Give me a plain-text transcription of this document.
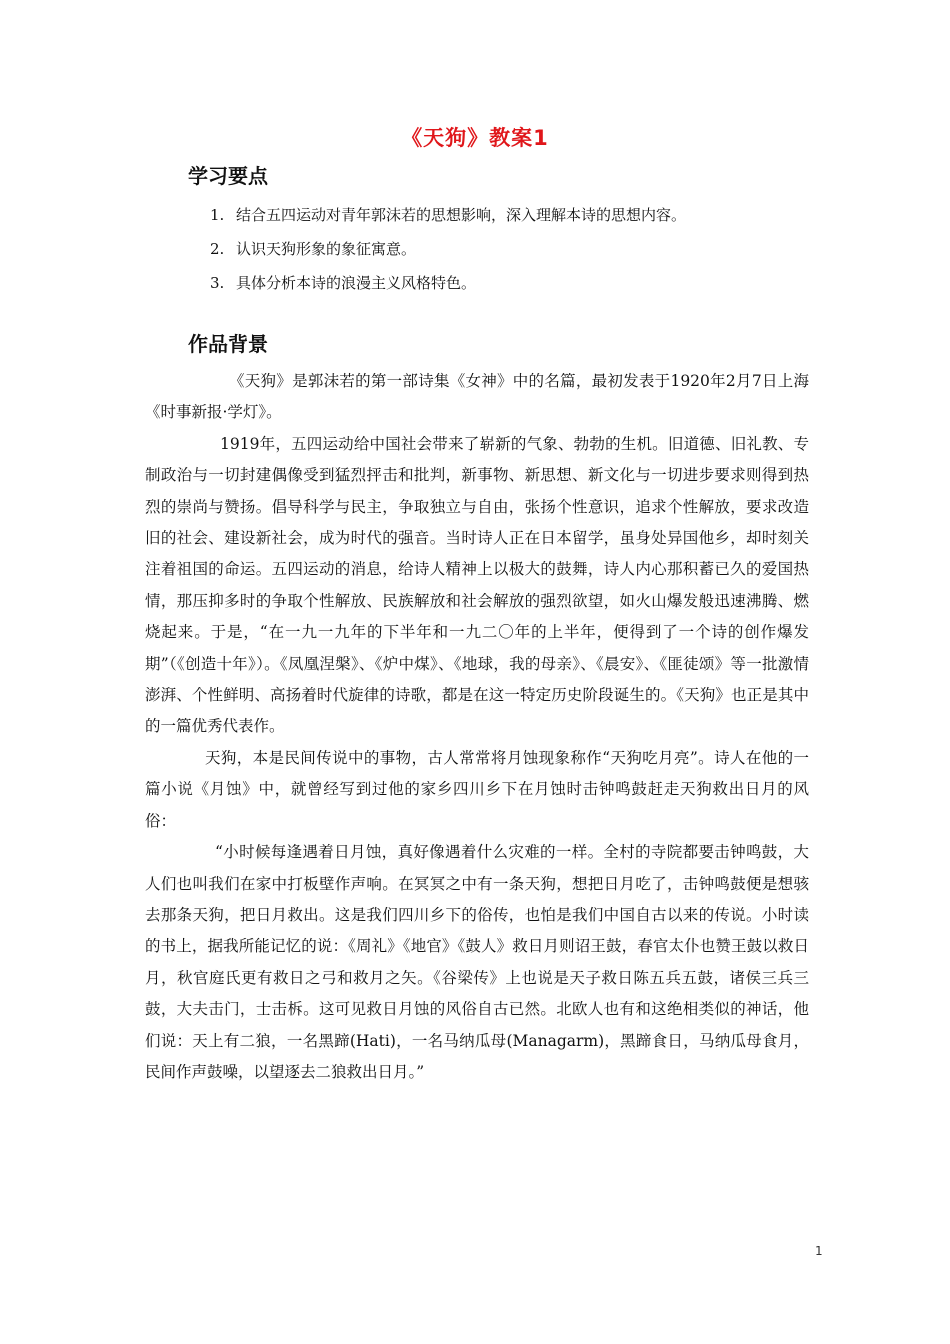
《天狗》教案1
学习要点
1. 结合五四运动对青年郭沫若的思想影响，深入理解本诗的思想内容。
2. 认识天狗形象的象征寓意。
3. 具体分析本诗的浪漫主义风格特色。
作品背景

《天狗》是郭沫若的第一部诗集《女神》中的名篇，最初发表于1920年2月7日上海《时事新报·学灯》。

1919年，五四运动给中国社会带来了崭新的气象、勃勃的生机。旧道德、旧礼教、专制政治与一切封建偶像受到猛烈抨击和批判，新事物、新思想、新文化与一切进步要求则得到热烈的崇尚与赞扬。倡导科学与民主，争取独立与自由，张扬个性意识，追求个性解放，要求改造旧的社会、建设新社会，成为时代的强音。当时诗人正在日本留学，虽身处异国他乡，却时刻关注着祖国的命运。五四运动的消息，给诗人精神上以极大的鼓舞，诗人内心那积蓄已久的爱国热情，那压抑多时的争取个性解放、民族解放和社会解放的强烈欲望，如火山爆发般迅速沸腾、燃烧起来。于是，“在一九一九年的下半年和一九二〇年的上半年，便得到了一个诗的创作爆发期”（《创造十年》）。《凤凰涅槃》、《炉中煤》、《地球，我的母亲》、《晨安》、《匪徒颂》等一批激情澎湃、个性鲜明、高扬着时代旋律的诗歌，都是在这一特定历史阶段诞生的。《天狗》也正是其中的一篇优秀代表作。

天狗，本是民间传说中的事物，古人常常将月蚀现象称作“天狗吃月亮”。诗人在他的一篇小说《月蚀》中，就曾经写到过他的家乡四川乡下在月蚀时击钟鸣鼓赶走天狗救出日月的风俗：

“小时候每逢遇着日月蚀，真好像遇着什么灾难的一样。全村的寺院都要击钟鸣鼓，大人们也叫我们在家中打板壁作声响。在冥冥之中有一条天狗，想把日月吃了，击钟鸣鼓便是想骇去那条天狗，把日月救出。这是我们四川乡下的俗传，也怕是我们中国自古以来的传说。小时读的书上，据我所能记忆的说：《周礼》《地官》《鼓人》救日月则诏王鼓，春官太仆也赞王鼓以救日月，秋官庭氏更有救日之弓和救月之矢。《谷梁传》上也说是天子救日陈五兵五鼓，诸侯三兵三鼓，大夫击门，士击柝。这可见救日月蚀的风俗自古已然。北欧人也有和这绝相类似的神话，他们说：天上有二狼，一名黑蹄(Hati)，一名马纳瓜母(Managarm)，黑蹄食日，马纳瓜母食月，民间作声鼓噪，以望逐去二狼救出日月。”

1
